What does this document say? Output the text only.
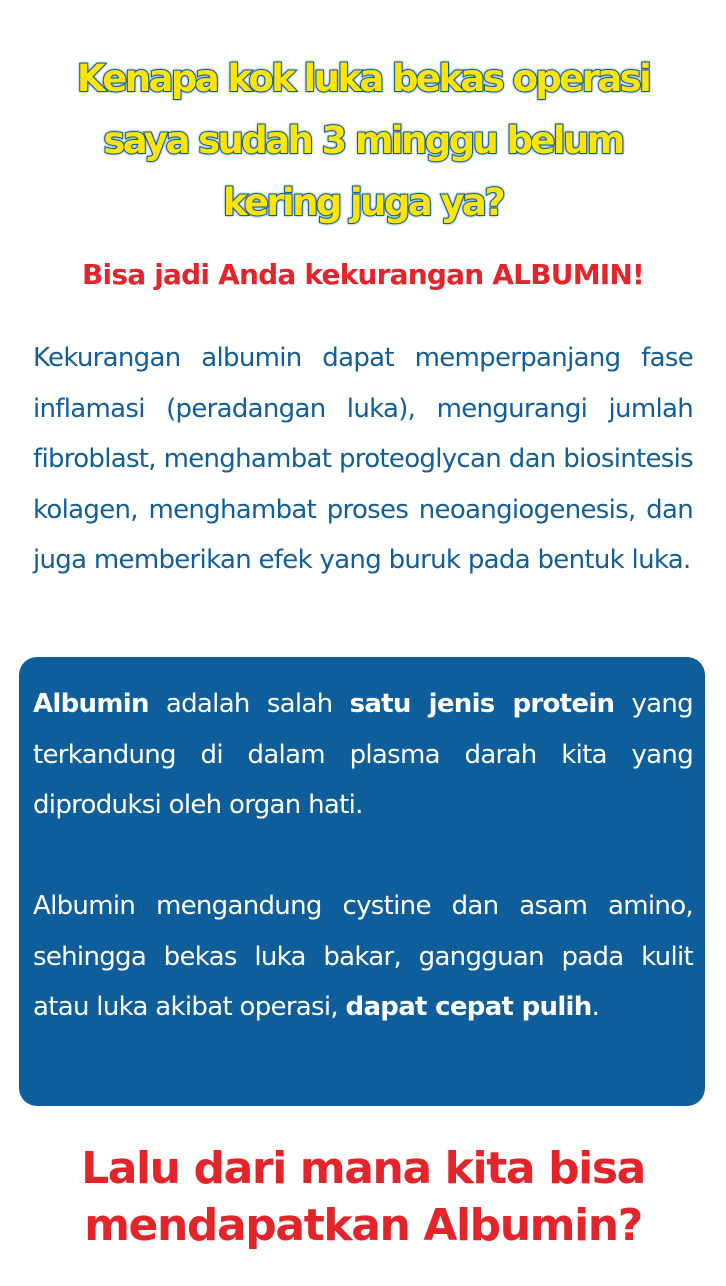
Kenapa kok luka bekas operasi
saya sudah 3 minggu belum
kering juga ya?
Bisa jadi Anda kekurangan ALBUMIN!

Kekurangan albumin dapat memperpanjang fase inflamasi (peradangan luka), mengurangi jumlah fibroblast, menghambat proteoglycan dan biosintesis kolagen, menghambat proses neoangiogenesis, dan juga memberikan efek yang buruk pada bentuk luka.

Albumin adalah salah satu jenis protein yang terkandung di dalam plasma darah kita yang diproduksi oleh organ hati.

Albumin mengandung cystine dan asam amino, sehingga bekas luka bakar, gangguan pada kulit atau luka akibat operasi, dapat cepat pulih.

Lalu dari mana kita bisa
mendapatkan Albumin?
